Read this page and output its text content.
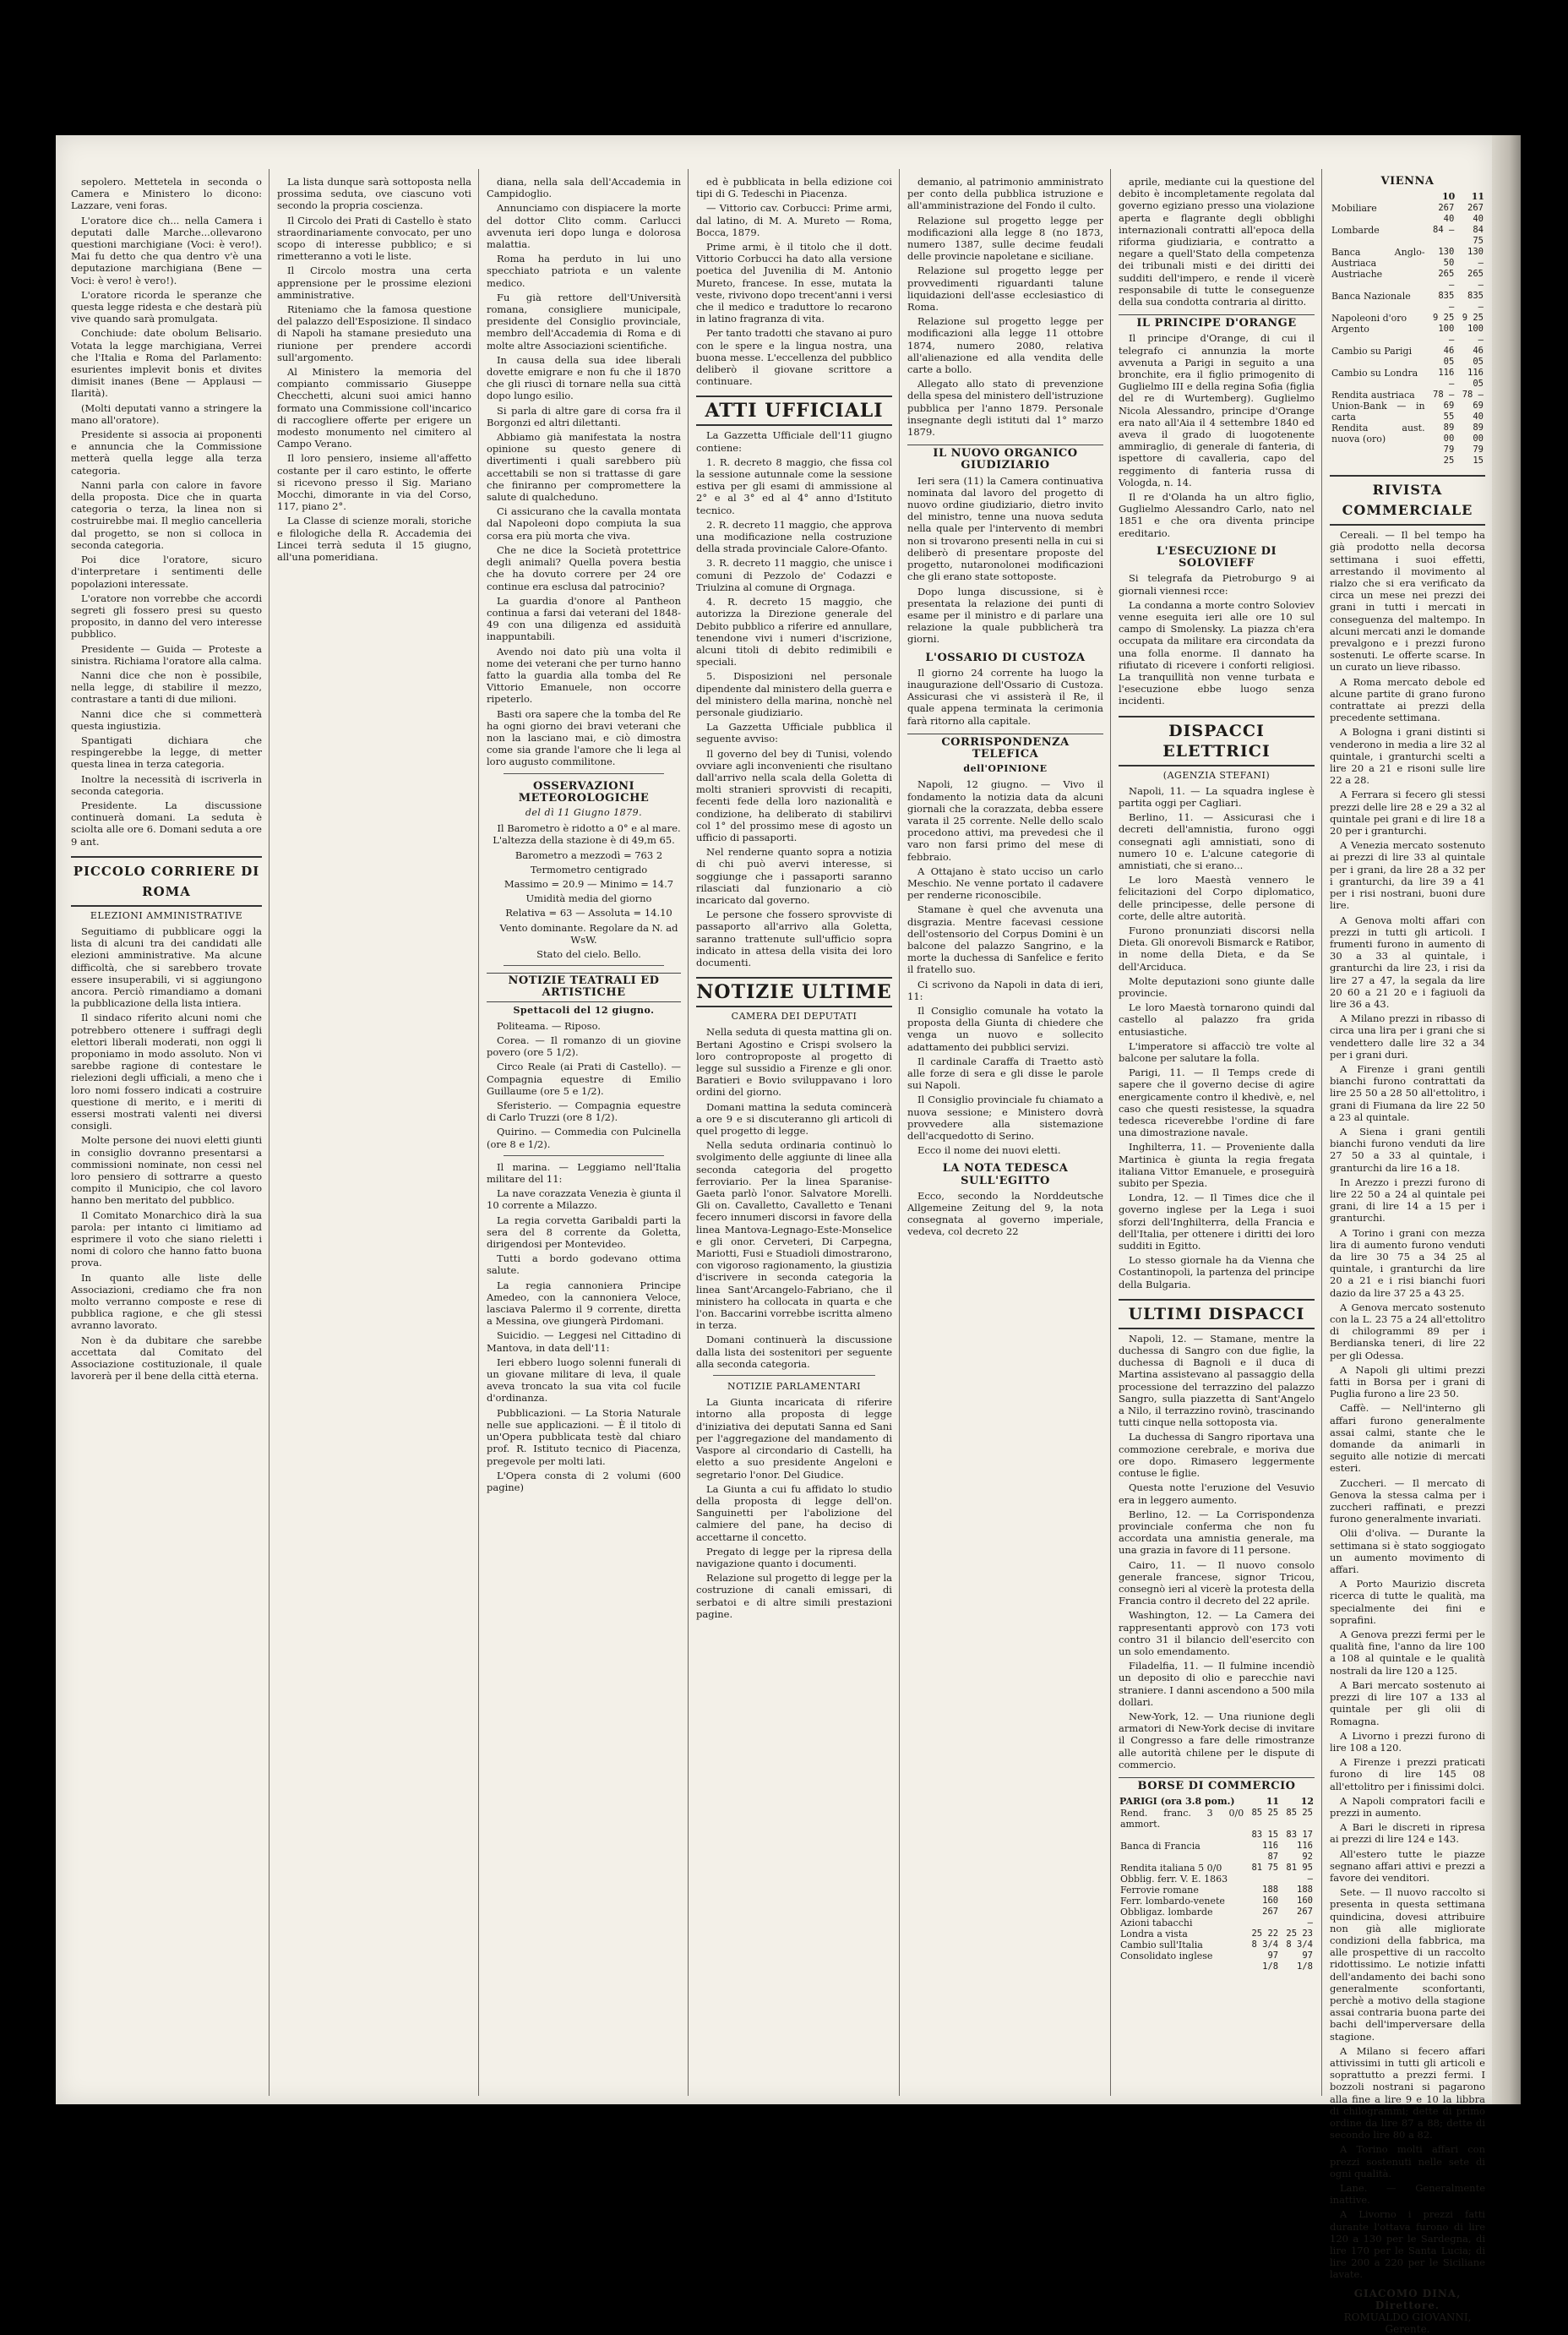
sepolero. Mettetela in seconda o Camera e Ministero lo dicono: Lazzare, veni foras.

L'oratore dice ch... nella Camera i deputati dalle Marche...ollevarono questioni marchigiane (Voci: è vero!). Mai fu detto che qua dentro v'è una deputazione marchigiana (Bene — Voci: è vero! è vero!).

L'oratore ricorda le speranze che questa legge ridesta e che destarà più vive quando sarà promulgata.

Conchiude: date obolum Belisario. Votata la legge marchigiana, Verrei che l'Italia e Roma del Parlamento: esurientes implevit bonis et divites dimisit inanes (Bene — Applausi — Ilarità).

(Molti deputati vanno a stringere la mano all'oratore).

Presidente si associa ai proponenti e annuncia che la Commissione metterà quella legge alla terza categoria.

Nanni parla con calore in favore della proposta. Dice che in quarta categoria o terza, la linea non si costruirebbe mai. Il meglio cancelleria dal progetto, se non si colloca in seconda categoria.

Poi dice l'oratore, sicuro d'interpretare i sentimenti delle popolazioni interessate.

L'oratore non vorrebbe che accordi segreti gli fossero presi su questo proposito, in danno del vero interesse pubblico.

Presidente — Guida — Proteste a sinistra. Richiama l'oratore alla calma.

Nanni dice che non è possibile, nella legge, di stabilire il mezzo, contrastare a tanti di due milioni.

Nanni dice che si commetterà questa ingiustizia.

Spantigati dichiara che respingerebbe la legge, di metter questa linea in terza categoria.

Inoltre la necessità di iscriverla in seconda categoria.

Presidente. La discussione continuerà domani. La seduta è sciolta alle ore 6. Domani seduta a ore 9 ant.

PICCOLO CORRIERE DI ROMA
ELEZIONI AMMINISTRATIVE

Seguitiamo di pubblicare oggi la lista di alcuni tra dei candidati alle elezioni amministrative. Ma alcune difficoltà, che si sarebbero trovate essere insuperabili, vi si aggiungono ancora. Perciò rimandiamo a domani la pubblicazione della lista intiera.

Il sindaco riferito alcuni nomi che potrebbero ottenere i suffragi degli elettori liberali moderati, non oggi li proponiamo in modo assoluto. Non vi sarebbe ragione di contestare le rielezioni degli ufficiali, a meno che i loro nomi fossero indicati a costruire questione di merito, e i meriti di essersi mostrati valenti nei diversi consigli.

Molte persone dei nuovi eletti giunti in consiglio dovranno presentarsi a commissioni nominate, non cessi nel loro pensiero di sottrarre a questo compito il Municipio, che col lavoro hanno ben meritato del pubblico.

Il Comitato Monarchico dirà la sua parola: per intanto ci limitiamo ad esprimere il voto che siano rieletti i nomi di coloro che hanno fatto buona prova.

In quanto alle liste delle Associazioni, crediamo che fra non molto verranno composte e rese di pubblica ragione, e che gli stessi avranno lavorato.

Non è da dubitare che sarebbe accettata dal Comitato del Associazione costituzionale, il quale lavorerà per il bene della città eterna.

La lista dunque sarà sottoposta nella prossima seduta, ove ciascuno voti secondo la propria coscienza.

Il Circolo dei Prati di Castello è stato straordinariamente convocato, per uno scopo di interesse pubblico; e si rimetteranno a voti le liste.

Il Circolo mostra una certa apprensione per le prossime elezioni amministrative.

Riteniamo che la famosa questione del palazzo dell'Esposizione. Il sindaco di Napoli ha stamane presieduto una riunione per prendere accordi sull'argomento.

Al Ministero la memoria del compianto commissario Giuseppe Checchetti, alcuni suoi amici hanno formato una Commissione coll'incarico di raccogliere offerte per erigere un modesto monumento nel cimitero al Campo Verano.

Il loro pensiero, insieme all'affetto costante per il caro estinto, le offerte si ricevono presso il Sig. Mariano Mocchi, dimorante in via del Corso, 117, piano 2°.

La Classe di scienze morali, storiche e filologiche della R. Accademia dei Lincei terrà seduta il 15 giugno, all'una pomeridiana.

diana, nella sala dell'Accademia in Campidoglio.

Annunciamo con dispiacere la morte del dottor Clito comm. Carlucci avvenuta ieri dopo lunga e dolorosa malattia.

Roma ha perduto in lui uno specchiato patriota e un valente medico.

Fu già rettore dell'Università romana, consigliere municipale, presidente del Consiglio provinciale, membro dell'Accademia di Roma e di molte altre Associazioni scientifiche.

In causa della sua idee liberali dovette emigrare e non fu che il 1870 che gli riuscì di tornare nella sua città dopo lungo esilio.

Si parla di altre gare di corsa fra il Borgonzi ed altri dilettanti.

Abbiamo già manifestata la nostra opinione su questo genere di divertimenti i quali sarebbero più accettabili se non si trattasse di gare che finiranno per compromettere la salute di qualcheduno.

Ci assicurano che la cavalla montata dal Napoleoni dopo compiuta la sua corsa era più morta che viva.

Che ne dice la Società protettrice degli animali? Quella povera bestia che ha dovuto correre per 24 ore continue era esclusa dal patrocinio?

La guardia d'onore al Pantheon continua a farsi dai veterani del 1848-49 con una diligenza ed assiduità inappuntabili.

Avendo noi dato più una volta il nome dei veterani che per turno hanno fatto la guardia alla tomba del Re Vittorio Emanuele, non occorre ripeterlo.

Basti ora sapere che la tomba del Re ha ogni giorno dei bravi veterani che non la lasciano mai, e ciò dimostra come sia grande l'amore che li lega al loro augusto commilitone.

OSSERVAZIONI METEOROLOGICHE
del dì 11 Giugno 1879.

Il Barometro è ridotto a 0° e al mare. L'altezza della stazione è di 49,m 65.

Barometro a mezzodì = 763 2

Termometro centigrado

Massimo = 20.9 — Minimo = 14.7

Umidità media del giorno

Relativa = 63 — Assoluta = 14.10

Vento dominante. Regolare da N. ad WsW.

Stato del cielo. Bello.

NOTIZIE TEATRALI ED ARTISTICHE
Spettacoli del 12 giugno.

Politeama. — Riposo.

Corea. — Il romanzo di un giovine povero (ore 5 1/2).

Circo Reale (ai Prati di Castello). — Compagnia equestre di Emilio Guillaume (ore 5 e 1/2).

Sferisterio. — Compagnia equestre di Carlo Truzzi (ore 8 1/2).

Quirino. — Commedia con Pulcinella (ore 8 e 1/2).

Il marina. — Leggiamo nell'Italia militare del 11:

La nave corazzata Venezia è giunta il 10 corrente a Milazzo.

La regia corvetta Garibaldi parti la sera del 8 corrente da Goletta, dirigendosi per Montevideo.

Tutti a bordo godevano ottima salute.

La regia cannoniera Principe Amedeo, con la cannoniera Veloce, lasciava Palermo il 9 corrente, diretta a Messina, ove giungerà Pirdomani.

Suicidio. — Leggesi nel Cittadino di Mantova, in data dell'11:

Ieri ebbero luogo solenni funerali di un giovane militare di leva, il quale aveva troncato la sua vita col fucile d'ordinanza.

Pubblicazioni. — La Storia Naturale nelle sue applicazioni. — È il titolo di un'Opera pubblicata testè dal chiaro prof. R. Istituto tecnico di Piacenza, pregevole per molti lati.

L'Opera consta di 2 volumi (600 pagine)

ed è pubblicata in bella edizione coi tipi di G. Tedeschi in Piacenza.

— Vittorio cav. Corbucci: Prime armi, dal latino, di M. A. Mureto — Roma, Bocca, 1879.

Prime armi, è il titolo che il dott. Vittorio Corbucci ha dato alla versione poetica del Juvenilia di M. Antonio Mureto, francese. In esse, mutata la veste, rivivono dopo trecent'anni i versi che il medico e traduttore lo recarono in latino fragranza di vita.

Per tanto tradotti che stavano ai puro con le spere e la lingua nostra, una buona messe. L'eccellenza del pubblico deliberò il giovane scrittore a continuare.

ATTI UFFICIALI

La Gazzetta Ufficiale dell'11 giugno contiene:

1. R. decreto 8 maggio, che fissa col la sessione autunnale come la sessione estiva per gli esami di ammissione al 2° e al 3° ed al 4° anno d'Istituto tecnico.

2. R. decreto 11 maggio, che approva una modificazione nella costruzione della strada provinciale Calore-Ofanto.

3. R. decreto 11 maggio, che unisce i comuni di Pezzolo de' Codazzi e Triulzina al comune di Orgnaga.

4. R. decreto 15 maggio, che autorizza la Direzione generale del Debito pubblico a riferire ed annullare, tenendone vivi i numeri d'iscrizione, alcuni titoli di debito redimibili e speciali.

5. Disposizioni nel personale dipendente dal ministero della guerra e del ministero della marina, nonchè nel personale giudiziario.

La Gazzetta Ufficiale pubblica il seguente avviso:

Il governo del bey di Tunisi, volendo ovviare agli inconvenienti che risultano dall'arrivo nella scala della Goletta di molti stranieri sprovvisti di recapiti, fecenti fede della loro nazionalità e condizione, ha deliberato di stabilirvi col 1° del prossimo mese di agosto un ufficio di passaporti.

Nel renderne quanto sopra a notizia di chi può avervi interesse, si soggiunge che i passaporti saranno rilasciati dal funzionario a ciò incaricato dal governo.

Le persone che fossero sprovviste di passaporto all'arrivo alla Goletta, saranno trattenute sull'ufficio sopra indicato in attesa della visita dei loro documenti.

NOTIZIE ULTIME
CAMERA DEI DEPUTATI

Nella seduta di questa mattina gli on. Bertani Agostino e Crispi svolsero la loro controproposte al progetto di legge sul sussidio a Firenze e gli onor. Baratieri e Bovio sviluppavano i loro ordini del giorno.

Domani mattina la seduta comincerà a ore 9 e si discuteranno gli articoli di quel progetto di legge.

Nella seduta ordinaria continuò lo svolgimento delle aggiunte di linee alla seconda categoria del progetto ferroviario. Per la linea Sparanise-Gaeta parlò l'onor. Salvatore Morelli. Gli on. Cavalletto, Cavalletto e Tenani fecero innumeri discorsi in favore della linea Mantova-Legnago-Este-Monselice e gli onor. Cerveteri, Di Carpegna, Mariotti, Fusi e Stuadioli dimostrarono, con vigoroso ragionamento, la giustizia d'iscrivere in seconda categoria la linea Sant'Arcangelo-Fabriano, che il ministero ha collocata in quarta e che l'on. Baccarini vorrebbe iscritta almeno in terza.

Domani continuerà la discussione dalla lista dei sostenitori per seguente alla seconda categoria.

NOTIZIE PARLAMENTARI

La Giunta incaricata di riferire intorno alla proposta di legge d'iniziativa dei deputati Sanna ed Sani per l'aggregazione del mandamento di Vaspore al circondario di Castelli, ha eletto a suo presidente Angeloni e segretario l'onor. Del Giudice.

La Giunta a cui fu affidato lo studio della proposta di legge dell'on. Sanguinetti per l'abolizione del calmiere del pane, ha deciso di accettarne il concetto.

Pregato di legge per la ripresa della navigazione quanto i documenti.

Relazione sul progetto di legge per la costruzione di canali emissari, di serbatoi e di altre simili prestazioni pagine.

demanio, al patrimonio amministrato per conto della pubblica istruzione e all'amministrazione del Fondo il culto.

Relazione sul progetto legge per modificazioni alla legge 8 (no 1873, numero 1387, sulle decime feudali delle provincie napoletane e siciliane.

Relazione sul progetto legge per provvedimenti riguardanti talune liquidazioni dell'asse ecclesiastico di Roma.

Relazione sul progetto legge per modificazioni alla legge 11 ottobre 1874, numero 2080, relativa all'alienazione ed alla vendita delle carte a bollo.

Allegato allo stato di prevenzione della spesa del ministero dell'istruzione pubblica per l'anno 1879. Personale insegnante degli istituti dal 1° marzo 1879.

IL NUOVO ORGANICO GIUDIZIARIO

Ieri sera (11) la Camera continuativa nominata dal lavoro del progetto di nuovo ordine giudiziario, dietro invito del ministro, tenne una nuova seduta nella quale per l'intervento di membri non si trovarono presenti nella in cui si deliberò di presentare proposte del progetto, nutaronolonei modificazioni che gli erano state sottoposte.

Dopo lunga discussione, si è presentata la relazione dei punti di esame per il ministro e di parlare una relazione la quale pubblicherà tra giorni.

L'OSSARIO DI CUSTOZA

Il giorno 24 corrente ha luogo la inaugurazione dell'Ossario di Custoza. Assicurasi che vi assisterà il Re, il quale appena terminata la cerimonia farà ritorno alla capitale.

CORRISPONDENZA TELEFICA
dell'OPINIONE

Napoli, 12 giugno. — Vivo il fondamento la notizia data da alcuni giornali che la corazzata, debba essere varata il 25 corrente. Nelle dello scalo procedono attivi, ma prevedesi che il varo non farsi primo del mese di febbraio.

A Ottajano è stato ucciso un carlo Meschio. Ne venne portato il cadavere per renderne riconoscibile.

Stamane è quel che avvenuta una disgrazia. Mentre facevasi cessione dell'ostensorio del Corpus Domini è un balcone del palazzo Sangrino, e la morte la duchessa di Sanfelice e ferito il fratello suo.

Ci scrivono da Napoli in data di ieri, 11:

Il Consiglio comunale ha votato la proposta della Giunta di chiedere che venga un nuovo e sollecito adattamento dei pubblici servizi.

Il cardinale Caraffa di Traetto astò alle forze di sera e gli disse le parole sui Napoli.

Il Consiglio provinciale fu chiamato a nuova sessione; e Ministero dovrà provvedere alla sistemazione dell'acquedotto di Serino.

Ecco il nome dei nuovi eletti.

LA NOTA TEDESCA SULL'EGITTO

Ecco, secondo la Norddeutsche Allgemeine Zeitung del 9, la nota consegnata al governo imperiale, vedeva, col decreto 22

aprile, mediante cui la questione del debito è incompletamente regolata dal governo egiziano presso una violazione aperta e flagrante degli obblighi internazionali contratti all'epoca della riforma giudiziaria, e contratto a negare a quell'Stato della competenza dei tribunali misti e dei diritti dei sudditi dell'impero, e rende il vicerè responsabile di tutte le conseguenze della sua condotta contraria al diritto.

IL PRINCIPE D'ORANGE

Il principe d'Orange, di cui il telegrafo ci annunzia la morte avvenuta a Parigi in seguito a una bronchite, era il figlio primogenito di Guglielmo III e della regina Sofia (figlia del re di Wurtemberg). Guglielmo Nicola Alessandro, principe d'Orange era nato all'Aia il 4 settembre 1840 ed aveva il grado di luogotenente ammiraglio, di generale di fanteria, di ispettore di cavalleria, capo del reggimento di fanteria russa di Vologda, n. 14.

Il re d'Olanda ha un altro figlio, Guglielmo Alessandro Carlo, nato nel 1851 e che ora diventa principe ereditario.

L'ESECUZIONE DI SOLOVIEFF

Si telegrafa da Pietroburgo 9 ai giornali viennesi rcce:

La condanna a morte contro Soloviev venne eseguita ieri alle ore 10 sul campo di Smolensky. La piazza ch'era occupata da militare era circondata da una folla enorme. Il dannato ha rifiutato di ricevere i conforti religiosi. La tranquillità non venne turbata e l'esecuzione ebbe luogo senza incidenti.

DISPACCI ELETTRICI
(AGENZIA STEFANI)

Napoli, 11. — La squadra inglese è partita oggi per Cagliari.

Berlino, 11. — Assicurasi che i decreti dell'amnistia, furono oggi consegnati agli amnistiati, sono di numero 10 e. L'alcune categorie di amnistiati, che si erano...

Le loro Maestà vennero le felicitazioni del Corpo diplomatico, delle principesse, delle persone di corte, delle altre autorità.

Furono pronunziati discorsi nella Dieta. Gli onorevoli Bismarck e Ratibor, in nome della Dieta, e da Se dell'Arciduca.

Molte deputazioni sono giunte dalle provincie.

Le loro Maestà tornarono quindi dal castello al palazzo fra grida entusiastiche.

L'imperatore si affacciò tre volte al balcone per salutare la folla.

Parigi, 11. — Il Temps crede di sapere che il governo decise di agire energicamente contro il khedivè, e, nel caso che questi resistesse, la squadra tedesca riceverebbe l'ordine di fare una dimostrazione navale.

Inghilterra, 11. — Proveniente dalla Martinica è giunta la regia fregata italiana Vittor Emanuele, e proseguirà subito per Spezia.

Londra, 12. — Il Times dice che il governo inglese per la Lega i suoi sforzi dell'Inghilterra, della Francia e dell'Italia, per ottenere i diritti dei loro sudditi in Egitto.

Lo stesso giornale ha da Vienna che Costantinopoli, la partenza del principe della Bulgaria.

ULTIMI DISPACCI

Napoli, 12. — Stamane, mentre la duchessa di Sangro con due figlie, la duchessa di Bagnoli e il duca di Martina assistevano al passaggio della processione del terrazzino del palazzo Sangro, sulla piazzetta di Sant'Angelo a Nilo, il terrazzino rovinò, trascinando tutti cinque nella sottoposta via.

La duchessa di Sangro riportava una commozione cerebrale, e moriva due ore dopo. Rimasero leggermente contuse le figlie.

Questa notte l'eruzione del Vesuvio era in leggero aumento.

Berlino, 12. — La Corrispondenza provinciale conferma che non fu accordata una amnistia generale, ma una grazia in favore di 11 persone.

Cairo, 11. — Il nuovo consolo generale francese, signor Tricou, consegnò ieri al vicerè la protesta della Francia contro il decreto del 22 aprile.

Washington, 12. — La Camera dei rappresentanti approvò con 173 voti contro 31 il bilancio dell'esercito con un solo emendamento.

Filadelfia, 11. — Il fulmine incendiò un deposito di olio e parecchie navi straniere. I danni ascendono a 500 mila dollari.

New-York, 12. — Una riunione degli armatori di New-York decise di invitare il Congresso a fare delle rimostranze alle autorità chilene per le dispute di commercio.

BORSE DI COMMERCIO
PARIGI (ora 3.8 pom.)	11	12
Rend. franc. 3 0/0 ammort.	85 25	85 25
	83 15	83 17
Banca di Francia	116 87	116 92
Rendita italiana 5 0/0	81 75	81 95
Obblig. ferr. V. E. 1863		—
Ferrovie romane	188	188
Ferr. lombardo-venete	160	160
Obbligaz. lombarde	267	267
Azioni tabacchi		—
Londra a vista	25 22	25 23
Cambio sull'Italia	8 3/4	8 3/4
Consolidato inglese	97 1/8	97 1/8
VIENNA
	10	11
Mobiliare	267 40	267 40
Lombarde	84 —	84 75
Banca Anglo-Austriaca	130 50	130 —
Austriache	265 —	265 —
Banca Nazionale	835 —	835 —
Napoleoni d'oro	9 25	9 25
Argento	100 —	100 —
Cambio su Parigi	46 05	46 05
Cambio su Londra	116 —	116 05
Rendita austriaca	78 —	78 —
Union-Bank — in carta	69 55	69 40
Rendita aust. nuova (oro)	89 00	89 00
	79 25	79 15
RIVISTA COMMERCIALE

Cereali. — Il bel tempo ha già prodotto nella decorsa settimana i suoi effetti, arrestando il movimento al rialzo che si era verificato da circa un mese nei prezzi dei grani in tutti i mercati in conseguenza del maltempo. In alcuni mercati anzi le domande prevalgono e i prezzi furono sostenuti. Le offerte scarse. In un curato un lieve ribasso.

A Roma mercato debole ed alcune partite di grano furono contrattate ai prezzi della precedente settimana.

A Bologna i grani distinti si venderono in media a lire 32 al quintale, i granturchi scelti a lire 20 a 21 e risoni sulle lire 22 a 28.

A Ferrara si fecero gli stessi prezzi delle lire 28 e 29 a 32 al quintale pei grani e di lire 18 a 20 per i granturchi.

A Venezia mercato sostenuto ai prezzi di lire 33 al quintale per i grani, da lire 28 a 32 per i granturchi, da lire 39 a 41 per i risi nostrani, buoni dure lire.

A Genova molti affari con prezzi in tutti gli articoli. I frumenti furono in aumento di 30 a 33 al quintale, i granturchi da lire 23, i risi da lire 27 a 47, la segala da lire 20 60 a 21 20 e i fagiuoli da lire 36 a 43.

A Milano prezzi in ribasso di circa una lira per i grani che si vendettero dalle lire 32 a 34 per i grani duri.

A Firenze i grani gentili bianchi furono contrattati da lire 25 50 a 28 50 all'ettolitro, i grani di Fiumana da lire 22 50 a 23 al quintale.

A Siena i grani gentili bianchi furono venduti da lire 27 50 a 33 al quintale, i granturchi da lire 16 a 18.

In Arezzo i prezzi furono di lire 22 50 a 24 al quintale pei grani, di lire 14 a 15 per i granturchi.

A Torino i grani con mezza lira di aumento furono venduti da lire 30 75 a 34 25 al quintale, i granturchi da lire 20 a 21 e i risi bianchi fuori dazio da lire 37 25 a 43 25.

A Genova mercato sostenuto con la L. 23 75 a 24 all'ettolitro di chilogrammi 89 per i Berdianska teneri, di lire 22 per gli Odessa.

A Napoli gli ultimi prezzi fatti in Borsa per i grani di Puglia furono a lire 23 50.

Caffè. — Nell'interno gli affari furono generalmente assai calmi, stante che le domande da animarli in seguito alle notizie di mercati esteri.

Zuccheri. — Il mercato di Genova la stessa calma per i zuccheri raffinati, e prezzi furono generalmente invariati.

Olii d'oliva. — Durante la settimana si è stato soggiogato un aumento movimento di affari.

A Porto Maurizio discreta ricerca di tutte le qualità, ma specialmente dei fini e soprafini.

A Genova prezzi fermi per le qualità fine, l'anno da lire 100 a 108 al quintale e le qualità nostrali da lire 120 a 125.

A Bari mercato sostenuto ai prezzi di lire 107 a 133 al quintale per gli olii di Romagna.

A Livorno i prezzi furono di lire 108 a 120.

A Firenze i prezzi praticati furono di lire 145 08 all'ettolitro per i finissimi dolci.

A Napoli compratori facili e prezzi in aumento.

A Bari le discreti in ripresa ai prezzi di lire 124 e 143.

All'estero tutte le piazze segnano affari attivi e prezzi a favore dei venditori.

Sete. — Il nuovo raccolto si presenta in questa settimana quindicina, dovesi attribuire non già alle migliorate condizioni della fabbrica, ma alle prospettive di un raccolto ridottissimo. Le notizie infatti dell'andamento dei bachi sono generalmente sconfortanti, perchè a motivo della stagione assai contraria buona parte dei bachi dell'imperversare della stagione.

A Milano si fecero affari attivissimi in tutti gli articoli e soprattutto a prezzi fermi. I bozzoli nostrani si pagarono alla fine a lire 9 e 10 la libbra di chilogrammi; dette di primo ordine da lire 87 a 88; dette di secondo lire 80 a 82.

A Torino molti affari con prezzi sostenuti nelle sete di ogni qualità.

Lane. — Generalmente inattive.

A Livorno i prezzi fatti durante l'ottava furono di lire 120 a 130 per le Sardegna, di lire 170 per le Santa Lucia; di lire 200 a 220 per le Siciliane lavate.

GIACOMO DINA, Direttore.
ROMUALDO GIOVANNI, Gerente.
